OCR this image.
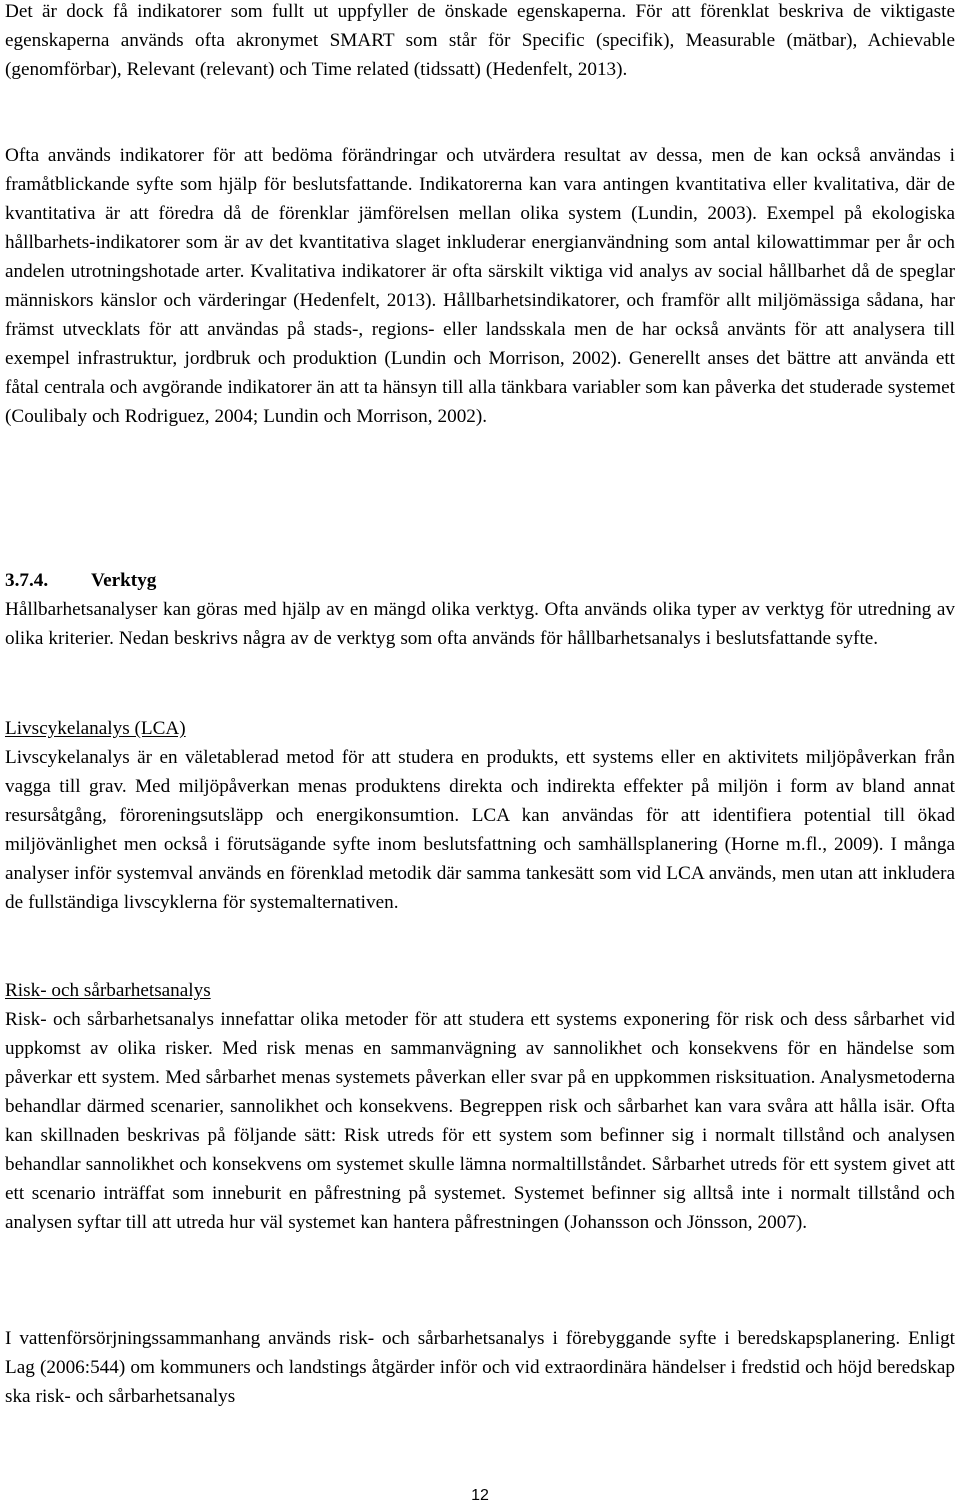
Det är dock få indikatorer som fullt ut uppfyller de önskade egenskaperna. För att förenklat beskriva de viktigaste egenskaperna används ofta akronymet SMART som står för Specific (specifik), Measurable (mätbar), Achievable (genomförbar), Relevant (relevant) och Time related (tidssatt) (Hedenfelt, 2013).

Ofta används indikatorer för att bedöma förändringar och utvärdera resultat av dessa, men de kan också användas i framåtblickande syfte som hjälp för beslutsfattande. Indikatorerna kan vara antingen kvantitativa eller kvalitativa, där de kvantitativa är att föredra då de förenklar jämförelsen mellan olika system (Lundin, 2003). Exempel på ekologiska hållbarhets-indikatorer som är av det kvantitativa slaget inkluderar energianvändning som antal kilowattimmar per år och andelen utrotningshotade arter. Kvalitativa indikatorer är ofta särskilt viktiga vid analys av social hållbarhet då de speglar människors känslor och värderingar (Hedenfelt, 2013). Hållbarhetsindikatorer, och framför allt miljömässiga sådana, har främst utvecklats för att användas på stads-, regions- eller landsskala men de har också använts för att analysera till exempel infrastruktur, jordbruk och produktion (Lundin och Morrison, 2002). Generellt anses det bättre att använda ett fåtal centrala och avgörande indikatorer än att ta hänsyn till alla tänkbara variabler som kan påverka det studerade systemet (Coulibaly och Rodriguez, 2004; Lundin och Morrison, 2002).

3.7.4. Verktyg

Hållbarhetsanalyser kan göras med hjälp av en mängd olika verktyg. Ofta används olika typer av verktyg för utredning av olika kriterier. Nedan beskrivs några av de verktyg som ofta används för hållbarhetsanalys i beslutsfattande syfte.

Livscykelanalys (LCA)

Livscykelanalys är en väletablerad metod för att studera en produkts, ett systems eller en aktivitets miljöpåverkan från vagga till grav. Med miljöpåverkan menas produktens direkta och indirekta effekter på miljön i form av bland annat resursåtgång, föroreningsutsläpp och energikonsumtion. LCA kan användas för att identifiera potential till ökad miljövänlighet men också i förutsägande syfte inom beslutsfattning och samhällsplanering (Horne m.fl., 2009). I många analyser inför systemval används en förenklad metodik där samma tankesätt som vid LCA används, men utan att inkludera de fullständiga livscyklerna för systemalternativen.

Risk- och sårbarhetsanalys

Risk- och sårbarhetsanalys innefattar olika metoder för att studera ett systems exponering för risk och dess sårbarhet vid uppkomst av olika risker. Med risk menas en sammanvägning av sannolikhet och konsekvens för en händelse som påverkar ett system. Med sårbarhet menas systemets påverkan eller svar på en uppkommen risksituation. Analysmetoderna behandlar därmed scenarier, sannolikhet och konsekvens. Begreppen risk och sårbarhet kan vara svåra att hålla isär. Ofta kan skillnaden beskrivas på följande sätt: Risk utreds för ett system som befinner sig i normalt tillstånd och analysen behandlar sannolikhet och konsekvens om systemet skulle lämna normaltillståndet. Sårbarhet utreds för ett system givet att ett scenario inträffat som inneburit en påfrestning på systemet. Systemet befinner sig alltså inte i normalt tillstånd och analysen syftar till att utreda hur väl systemet kan hantera påfrestningen (Johansson och Jönsson, 2007).

I vattenförsörjningssammanhang används risk- och sårbarhetsanalys i förebyggande syfte i beredskapsplanering. Enligt Lag (2006:544) om kommuners och landstings åtgärder inför och vid extraordinära händelser i fredstid och höjd beredskap ska risk- och sårbarhetsanalys

12
